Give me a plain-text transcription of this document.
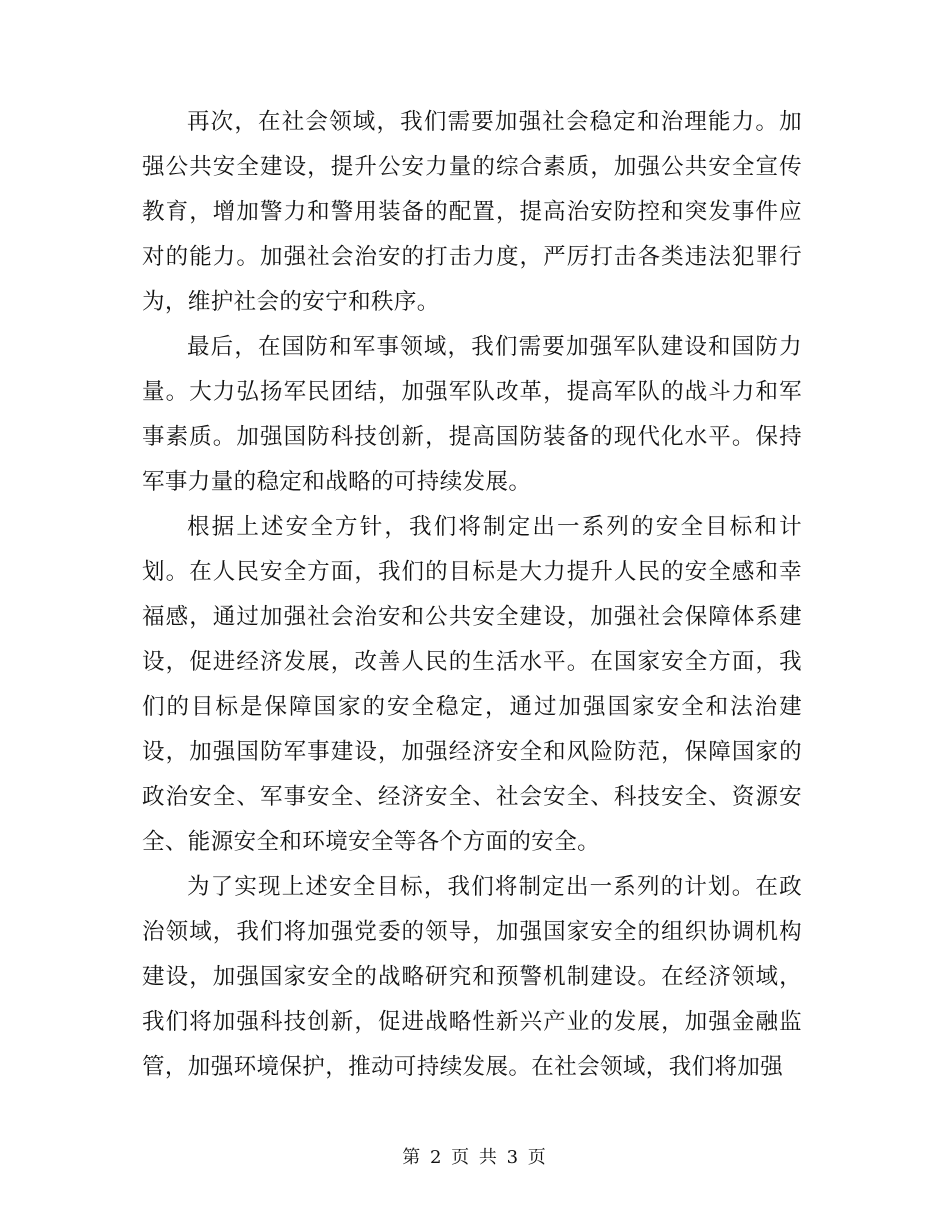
再次，在社会领域，我们需要加强社会稳定和治理能力。加强公共安全建设，提升公安力量的综合素质，加强公共安全宣传教育，增加警力和警用装备的配置，提高治安防控和突发事件应对的能力。加强社会治安的打击力度，严厉打击各类违法犯罪行为，维护社会的安宁和秩序。

最后，在国防和军事领域，我们需要加强军队建设和国防力量。大力弘扬军民团结，加强军队改革，提高军队的战斗力和军事素质。加强国防科技创新，提高国防装备的现代化水平。保持军事力量的稳定和战略的可持续发展。

根据上述安全方针，我们将制定出一系列的安全目标和计划。在人民安全方面，我们的目标是大力提升人民的安全感和幸福感，通过加强社会治安和公共安全建设，加强社会保障体系建设，促进经济发展，改善人民的生活水平。在国家安全方面，我们的目标是保障国家的安全稳定，通过加强国家安全和法治建设，加强国防军事建设，加强经济安全和风险防范，保障国家的政治安全、军事安全、经济安全、社会安全、科技安全、资源安全、能源安全和环境安全等各个方面的安全。

为了实现上述安全目标，我们将制定出一系列的计划。在政治领域，我们将加强党委的领导，加强国家安全的组织协调机构建设，加强国家安全的战略研究和预警机制建设。在经济领域，我们将加强科技创新，促进战略性新兴产业的发展，加强金融监管，加强环境保护，推动可持续发展。在社会领域，我们将加强

第 2 页 共 3 页
